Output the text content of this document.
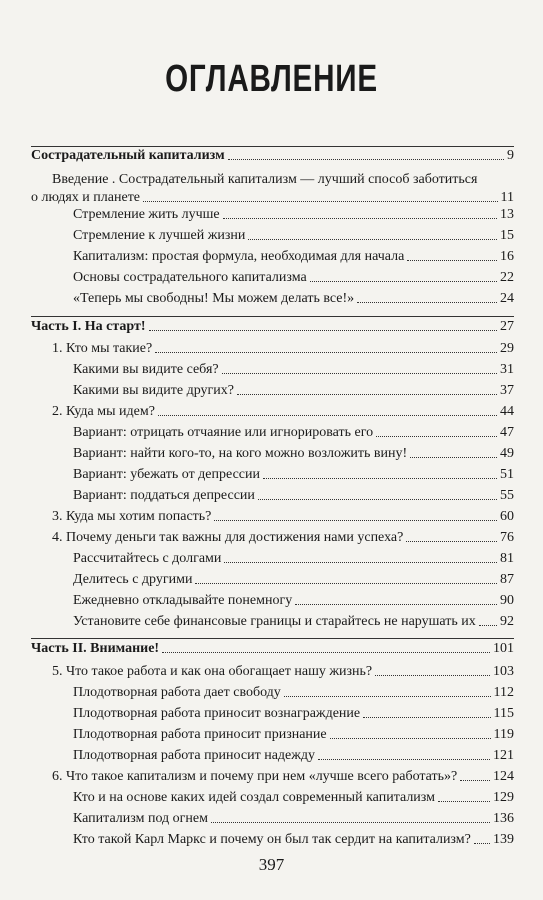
ОГЛАВЛЕНИЕ
Сострадательный капитализм	9
Введение . Сострадательный капитализм — лучший способ заботиться
о людях и планете	11
Стремление жить лучше	13
Стремление к лучшей жизни	15
Капитализм: простая формула, необходимая для начала	16
Основы сострадательного капитализма	22
«Теперь мы свободны! Мы можем делать все!»	24
Часть I. На старт!	27
1. Кто мы такие?	29
Какими вы видите себя?	31
Какими вы видите других?	37
2. Куда мы идем?	44
Вариант: отрицать отчаяние или игнорировать его	47
Вариант: найти кого-то, на кого можно возложить вину!	49
Вариант: убежать от депрессии	51
Вариант: поддаться депрессии	55
3. Куда мы хотим попасть?	60
4. Почему деньги так важны для достижения нами успеха?	76
Рассчитайтесь с долгами	81
Делитесь с другими	87
Ежедневно откладывайте понемногу	90
Установите себе финансовые границы и старайтесь не нарушать их 92
Часть II. Внимание!	101
5. Что такое работа и как она обогащает нашу жизнь?	103
Плодотворная работа дает свободу	112
Плодотворная работа приносит вознаграждение	115
Плодотворная работа приносит признание	119
Плодотворная работа приносит надежду	121
6. Что такое капитализм и почему при нем «лучше всего работать»?	124
Кто и на основе каких идей создал современный капитализм	129
Капитализм под огнем	136
Кто такой Карл Маркс и почему он был так сердит на капитализм? 139
397
